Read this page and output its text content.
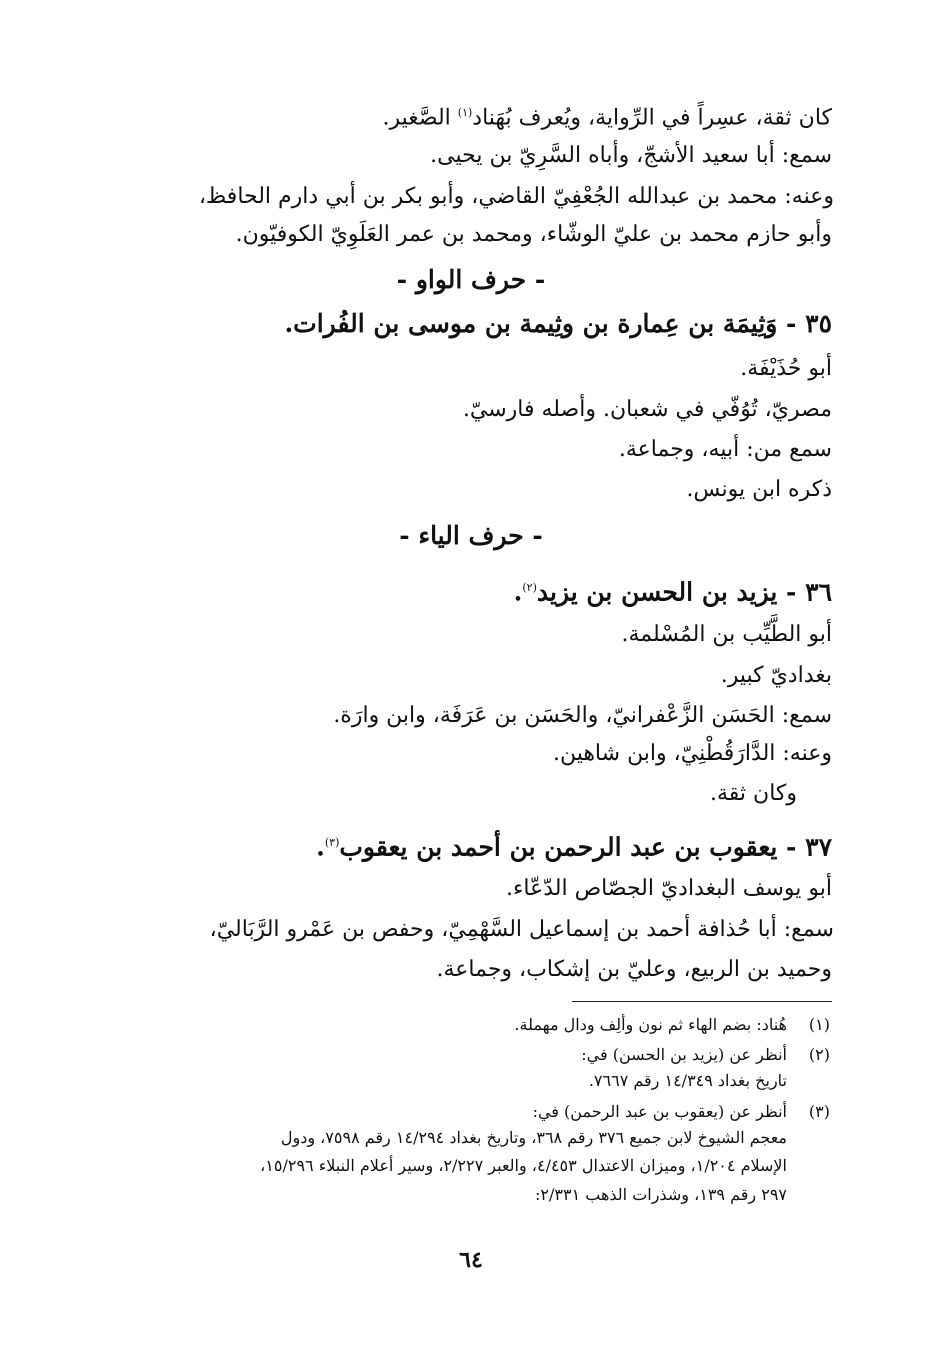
كان ثقة، عسِراً في الرِّواية، ويُعرف بُهَناد$^{(١)}$ الصَّغير.
سمع: أبا سعيد الأشجّ، وأباه السَّرِيّ بن يحيى.
وعنه: محمد بن عبدالله الجُعْفِيّ القاضي، وأبو بكر بن أبي دارم الحافظ،
وأبو حازم محمد بن عليّ الوشّاء، ومحمد بن عمر العَلَوِيّ الكوفيّون.
- حرف الواو -
٣٥ - وَثِيمَة بن عِمارة بن وثِيمة بن موسى بن الفُرات.
أبو حُذَيْفَة.
مصريّ، تُوُفّي في شعبان. وأصله فارسيّ.
سمع من: أبيه، وجماعة.
ذكره ابن يونس.
- حرف الياء -
٣٦ - يزيد بن الحسن بن يزيد$^{(٢)}$.
أبو الطَّيِّب بن المُسْلمة.
بغداديّ كبير.
سمع: الحَسَن الزَّعْفرانيّ، والحَسَن بن عَرَفَة، وابن وارَة.
وعنه: الدَّارَقُطْنِيّ، وابن شاهين.
وكان ثقة.
٣٧ - يعقوب بن عبد الرحمن بن أحمد بن يعقوب$^{(٣)}$.
أبو يوسف البغداديّ الجصّاص الدّعّاء.
سمع: أبا حُذافة أحمد بن إسماعيل السَّهْمِيّ، وحفص بن عَمْرو الرَّبَاليّ،
وحميد بن الربيع، وعليّ بن إشكاب، وجماعة.
(١)
هُناد: بضم الهاء ثم نون وألِف ودال مهملة.
(٢)
أنظر عن (يزيد بن الحسن) في:
تاريخ بغداد ١٤/٣٤٩ رقم ٧٦٦٧.
(٣)
أنظر عن (يعقوب بن عبد الرحمن) في:
معجم الشيوخ لابن جميع ٣٧٦ رقم ٣٦٨، وتاريخ بغداد ١٤/٢٩٤ رقم ٧٥٩٨، ودول
الإسلام ١/٢٠٤، وميزان الاعتدال ٤/٤٥٣، والعبر ٢/٢٢٧، وسير أعلام النبلاء ١٥/٢٩٦،
٢٩٧ رقم ١٣٩، وشذرات الذهب ٢/٣٣١:
٦٤
